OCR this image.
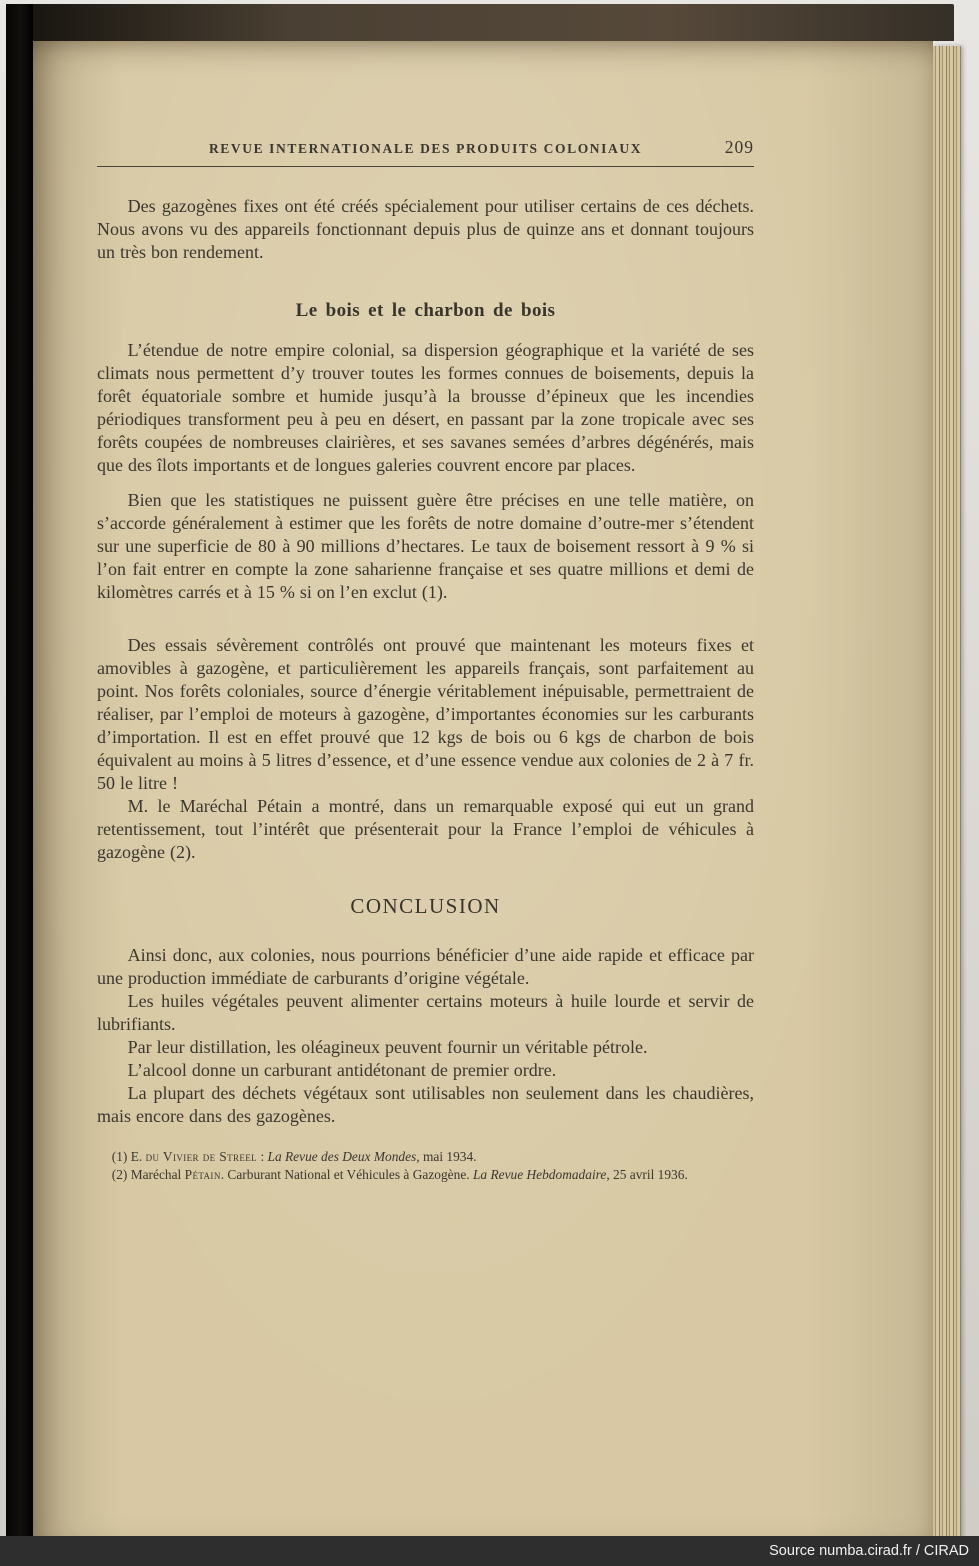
REVUE INTERNATIONALE DES PRODUITS COLONIAUX	209

Des gazogènes fixes ont été créés spécialement pour utiliser certains de ces déchets. Nous avons vu des appareils fonctionnant depuis plus de quinze ans et donnant toujours un très bon rendement.

Le bois et le charbon de bois

L’étendue de notre empire colonial, sa dispersion géographique et la variété de ses climats nous permettent d’y trouver toutes les formes connues de boisements, depuis la forêt équatoriale sombre et humide jusqu’à la brousse d’épineux que les incendies périodiques transforment peu à peu en désert, en passant par la zone tropicale avec ses forêts coupées de nombreuses clairières, et ses savanes semées d’arbres dégénérés, mais que des îlots importants et de longues galeries couvrent encore par places.

Bien que les statistiques ne puissent guère être précises en une telle matière, on s’accorde généralement à estimer que les forêts de notre domaine d’outre-mer s’étendent sur une superficie de 80 à 90 millions d’hectares. Le taux de boisement ressort à 9 % si l’on fait entrer en compte la zone saharienne française et ses quatre millions et demi de kilomètres carrés et à 15 % si on l’en exclut (1).

Des essais sévèrement contrôlés ont prouvé que maintenant les moteurs fixes et amovibles à gazogène, et particulièrement les appareils français, sont parfaitement au point. Nos forêts coloniales, source d’énergie véritablement inépuisable, permettraient de réaliser, par l’emploi de moteurs à gazogène, d’importantes économies sur les carburants d’importation. Il est en effet prouvé que 12 kgs de bois ou 6 kgs de charbon de bois équivalent au moins à 5 litres d’essence, et d’une essence vendue aux colonies de 2 à 7 fr. 50 le litre !

M. le Maréchal Pétain a montré, dans un remarquable exposé qui eut un grand retentissement, tout l’intérêt que présenterait pour la France l’emploi de véhicules à gazogène (2).

CONCLUSION

Ainsi donc, aux colonies, nous pourrions bénéficier d’une aide rapide et efficace par une production immédiate de carburants d’origine végétale.

Les huiles végétales peuvent alimenter certains moteurs à huile lourde et servir de lubrifiants.

Par leur distillation, les oléagineux peuvent fournir un véritable pétrole.

L’alcool donne un carburant antidétonant de premier ordre.

La plupart des déchets végétaux sont utilisables non seulement dans les chaudières, mais encore dans des gazogènes.

(1) E. du Vivier de Streel : La Revue des Deux Mondes, mai 1934.

(2) Maréchal Pétain. Carburant National et Véhicules à Gazogène. La Revue Hebdomadaire, 25 avril 1936.

Source numba.cirad.fr / CIRAD
